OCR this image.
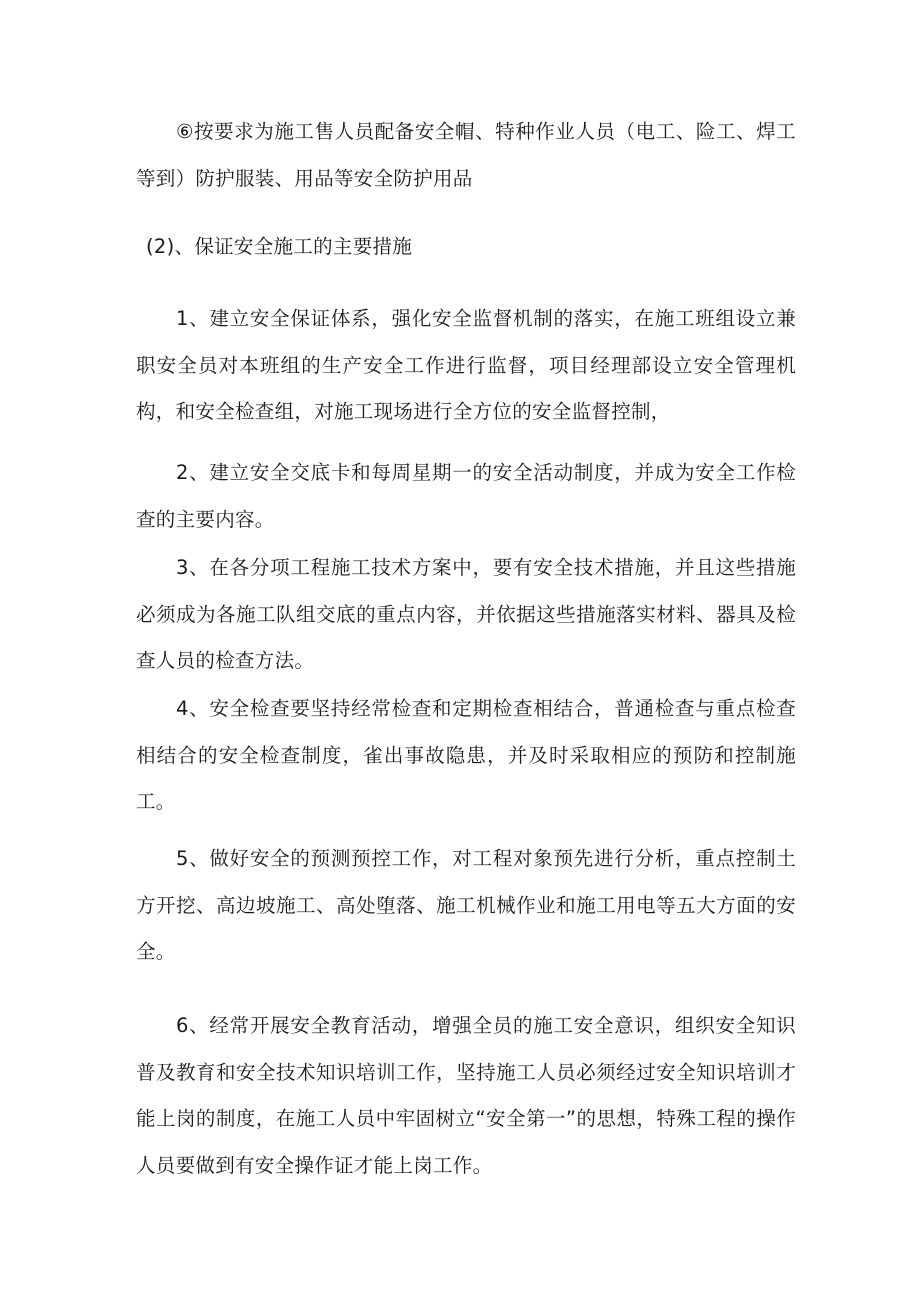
⑥按要求为施工售人员配备安全帽、特种作业人员（电工、险工、焊工等到）防护服装、用品等安全防护用品

(2)、保证安全施工的主要措施

1、建立安全保证体系，强化安全监督机制的落实，在施工班组设立兼职安全员对本班组的生产安全工作进行监督，项目经理部设立安全管理机构，和安全检查组，对施工现场进行全方位的安全监督控制，

2、建立安全交底卡和每周星期一的安全活动制度，并成为安全工作检查的主要内容。

3、在各分项工程施工技术方案中，要有安全技术措施，并且这些措施必须成为各施工队组交底的重点内容，并依据这些措施落实材料、器具及检查人员的检查方法。

4、安全检查要坚持经常检查和定期检查相结合，普通检查与重点检查相结合的安全检查制度，雀出事故隐患，并及时采取相应的预防和控制施工。

5、做好安全的预测预控工作，对工程对象预先进行分析，重点控制土方开挖、高边坡施工、高处堕落、施工机械作业和施工用电等五大方面的安全。

6、经常开展安全教育活动，增强全员的施工安全意识，组织安全知识普及教育和安全技术知识培训工作，坚持施工人员必须经过安全知识培训才能上岗的制度，在施工人员中牢固树立“安全第一”的思想，特殊工程的操作人员要做到有安全操作证才能上岗工作。
